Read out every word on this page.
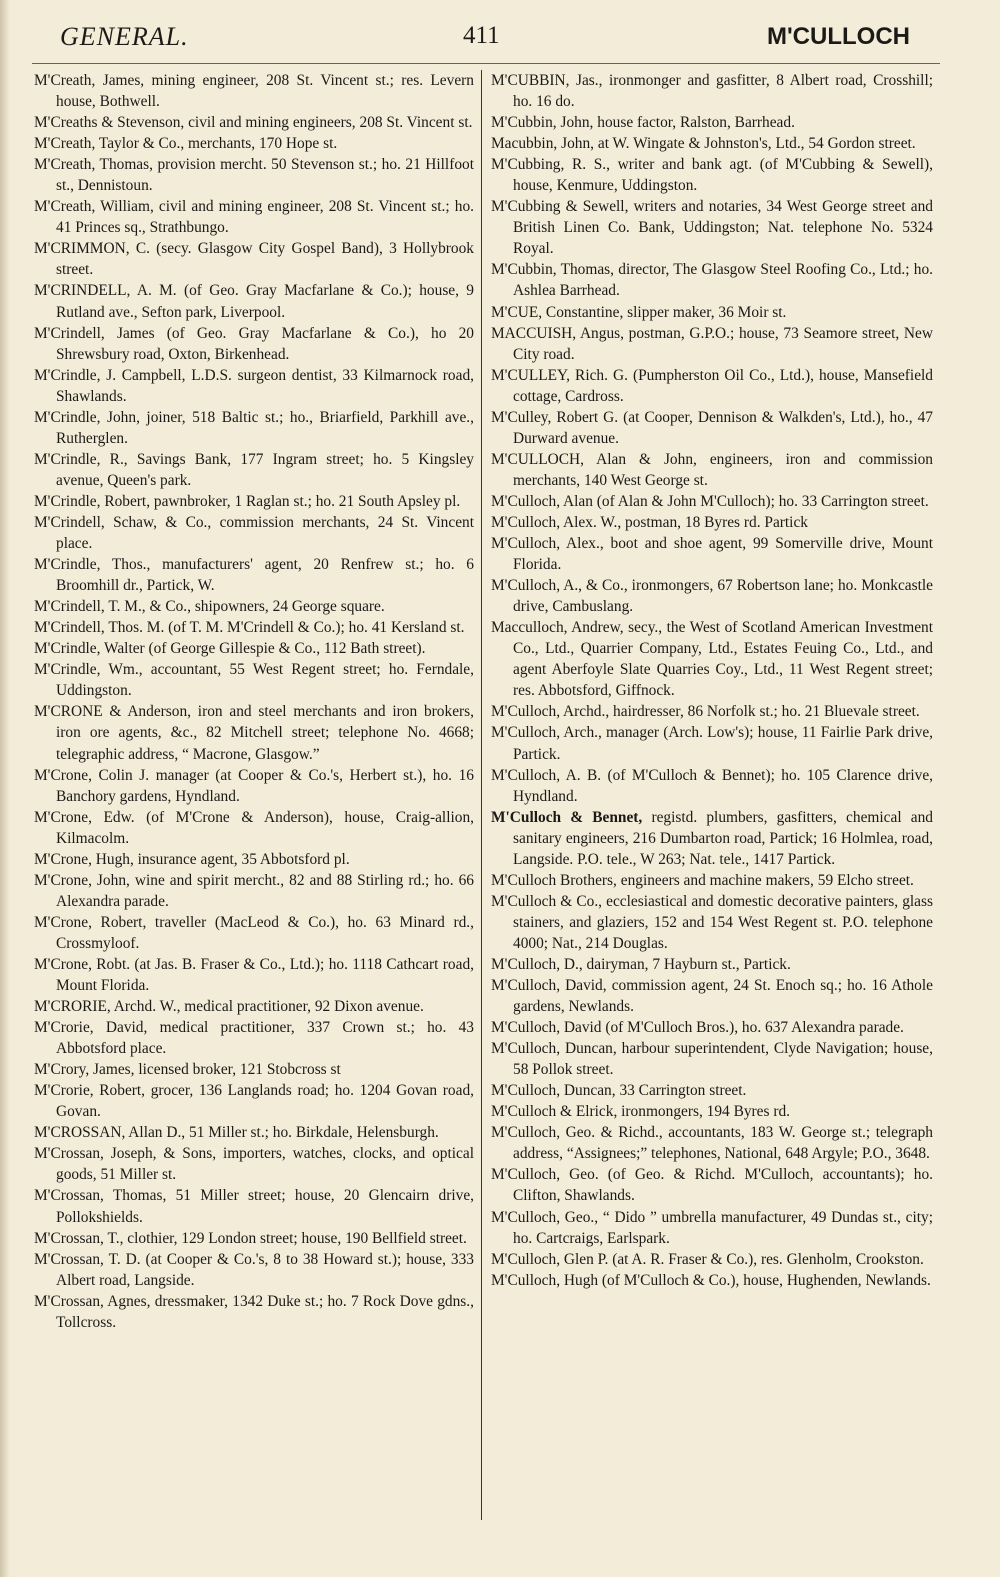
GENERAL.	411	M'CULLOCH
M'Creath, James, mining engineer, 208 St. Vincent st.; res. Levern house, Bothwell.
M'Creaths & Stevenson, civil and mining engineers, 208 St. Vincent st.
M'Creath, Taylor & Co., merchants, 170 Hope st.
M'Creath, Thomas, provision mercht. 50 Stevenson st.; ho. 21 Hillfoot st., Dennistoun.
M'Creath, William, civil and mining engineer, 208 St. Vincent st.; ho. 41 Princes sq., Strathbungo.
M'CRIMMON, C. (secy. Glasgow City Gospel Band), 3 Hollybrook street.
M'CRINDELL, A. M. (of Geo. Gray Macfarlane & Co.); house, 9 Rutland ave., Sefton park, Liverpool.
M'Crindell, James (of Geo. Gray Macfarlane & Co.), ho 20 Shrewsbury road, Oxton, Birkenhead.
M'Crindle, J. Campbell, L.D.S. surgeon dentist, 33 Kilmarnock road, Shawlands.
M'Crindle, John, joiner, 518 Baltic st.; ho., Briarfield, Parkhill ave., Rutherglen.
M'Crindle, R., Savings Bank, 177 Ingram street; ho. 5 Kingsley avenue, Queen's park.
M'Crindle, Robert, pawnbroker, 1 Raglan st.; ho. 21 South Apsley pl.
M'Crindell, Schaw, & Co., commission merchants, 24 St. Vincent place.
M'Crindle, Thos., manufacturers' agent, 20 Renfrew st.; ho. 6 Broomhill dr., Partick, W.
M'Crindell, T. M., & Co., shipowners, 24 George square.
M'Crindell, Thos. M. (of T. M. M'Crindell & Co.); ho. 41 Kersland st.
M'Crindle, Walter (of George Gillespie & Co., 112 Bath street).
M'Crindle, Wm., accountant, 55 West Regent street; ho. Ferndale, Uddingston.
M'CRONE & Anderson, iron and steel merchants and iron brokers, iron ore agents, &c., 82 Mitchell street; telephone No. 4668; telegraphic address, “ Macrone, Glasgow.”
M'Crone, Colin J. manager (at Cooper & Co.'s, Herbert st.), ho. 16 Banchory gardens, Hyndland.
M'Crone, Edw. (of M'Crone & Anderson), house, Craig-allion, Kilmacolm.
M'Crone, Hugh, insurance agent, 35 Abbotsford pl.
M'Crone, John, wine and spirit mercht., 82 and 88 Stirling rd.; ho. 66 Alexandra parade.
M'Crone, Robert, traveller (MacLeod & Co.), ho. 63 Minard rd., Crossmyloof.
M'Crone, Robt. (at Jas. B. Fraser & Co., Ltd.); ho. 1118 Cathcart road, Mount Florida.
M'CRORIE, Archd. W., medical practitioner, 92 Dixon avenue.
M'Crorie, David, medical practitioner, 337 Crown st.; ho. 43 Abbotsford place.
M'Crory, James, licensed broker, 121 Stobcross st
M'Crorie, Robert, grocer, 136 Langlands road; ho. 1204 Govan road, Govan.
M'CROSSAN, Allan D., 51 Miller st.; ho. Birkdale, Helensburgh.
M'Crossan, Joseph, & Sons, importers, watches, clocks, and optical goods, 51 Miller st.
M'Crossan, Thomas, 51 Miller street; house, 20 Glencairn drive, Pollokshields.
M'Crossan, T., clothier, 129 London street; house, 190 Bellfield street.
M'Crossan, T. D. (at Cooper & Co.'s, 8 to 38 Howard st.); house, 333 Albert road, Langside.
M'Crossan, Agnes, dressmaker, 1342 Duke st.; ho. 7 Rock Dove gdns., Tollcross.
M'CUBBIN, Jas., ironmonger and gasfitter, 8 Albert road, Crosshill; ho. 16 do.
M'Cubbin, John, house factor, Ralston, Barrhead.
Macubbin, John, at W. Wingate & Johnston's, Ltd., 54 Gordon street.
M'Cubbing, R. S., writer and bank agt. (of M'Cubbing & Sewell), house, Kenmure, Uddingston.
M'Cubbing & Sewell, writers and notaries, 34 West George street and British Linen Co. Bank, Uddingston; Nat. telephone No. 5324 Royal.
M'Cubbin, Thomas, director, The Glasgow Steel Roofing Co., Ltd.; ho. Ashlea Barrhead.
M'CUE, Constantine, slipper maker, 36 Moir st.
MACCUISH, Angus, postman, G.P.O.; house, 73 Seamore street, New City road.
M'CULLEY, Rich. G. (Pumpherston Oil Co., Ltd.), house, Mansefield cottage, Cardross.
M'Culley, Robert G. (at Cooper, Dennison & Walkden's, Ltd.), ho., 47 Durward avenue.
M'CULLOCH, Alan & John, engineers, iron and commission merchants, 140 West George st.
M'Culloch, Alan (of Alan & John M'Culloch); ho. 33 Carrington street.
M'Culloch, Alex. W., postman, 18 Byres rd. Partick
M'Culloch, Alex., boot and shoe agent, 99 Somerville drive, Mount Florida.
M'Culloch, A., & Co., ironmongers, 67 Robertson lane; ho. Monkcastle drive, Cambuslang.
Macculloch, Andrew, secy., the West of Scotland American Investment Co., Ltd., Quarrier Company, Ltd., Estates Feuing Co., Ltd., and agent Aberfoyle Slate Quarries Coy., Ltd., 11 West Regent street; res. Abbotsford, Giffnock.
M'Culloch, Archd., hairdresser, 86 Norfolk st.; ho. 21 Bluevale street.
M'Culloch, Arch., manager (Arch. Low's); house, 11 Fairlie Park drive, Partick.
M'Culloch, A. B. (of M'Culloch & Bennet); ho. 105 Clarence drive, Hyndland.
M'Culloch & Bennet, registd. plumbers, gasfitters, chemical and sanitary engineers, 216 Dumbarton road, Partick; 16 Holmlea, road, Langside. P.O. tele., W 263; Nat. tele., 1417 Partick.
M'Culloch Brothers, engineers and machine makers, 59 Elcho street.
M'Culloch & Co., ecclesiastical and domestic decorative painters, glass stainers, and glaziers, 152 and 154 West Regent st. P.O. telephone 4000; Nat., 214 Douglas.
M'Culloch, D., dairyman, 7 Hayburn st., Partick.
M'Culloch, David, commission agent, 24 St. Enoch sq.; ho. 16 Athole gardens, Newlands.
M'Culloch, David (of M'Culloch Bros.), ho. 637 Alexandra parade.
M'Culloch, Duncan, harbour superintendent, Clyde Navigation; house, 58 Pollok street.
M'Culloch, Duncan, 33 Carrington street.
M'Culloch & Elrick, ironmongers, 194 Byres rd.
M'Culloch, Geo. & Richd., accountants, 183 W. George st.; telegraph address, “Assignees;” telephones, National, 648 Argyle; P.O., 3648.
M'Culloch, Geo. (of Geo. & Richd. M'Culloch, accountants); ho. Clifton, Shawlands.
M'Culloch, Geo., “ Dido ” umbrella manufacturer, 49 Dundas st., city; ho. Cartcraigs, Earlspark.
M'Culloch, Glen P. (at A. R. Fraser & Co.), res. Glenholm, Crookston.
M'Culloch, Hugh (of M'Culloch & Co.), house, Hughenden, Newlands.
